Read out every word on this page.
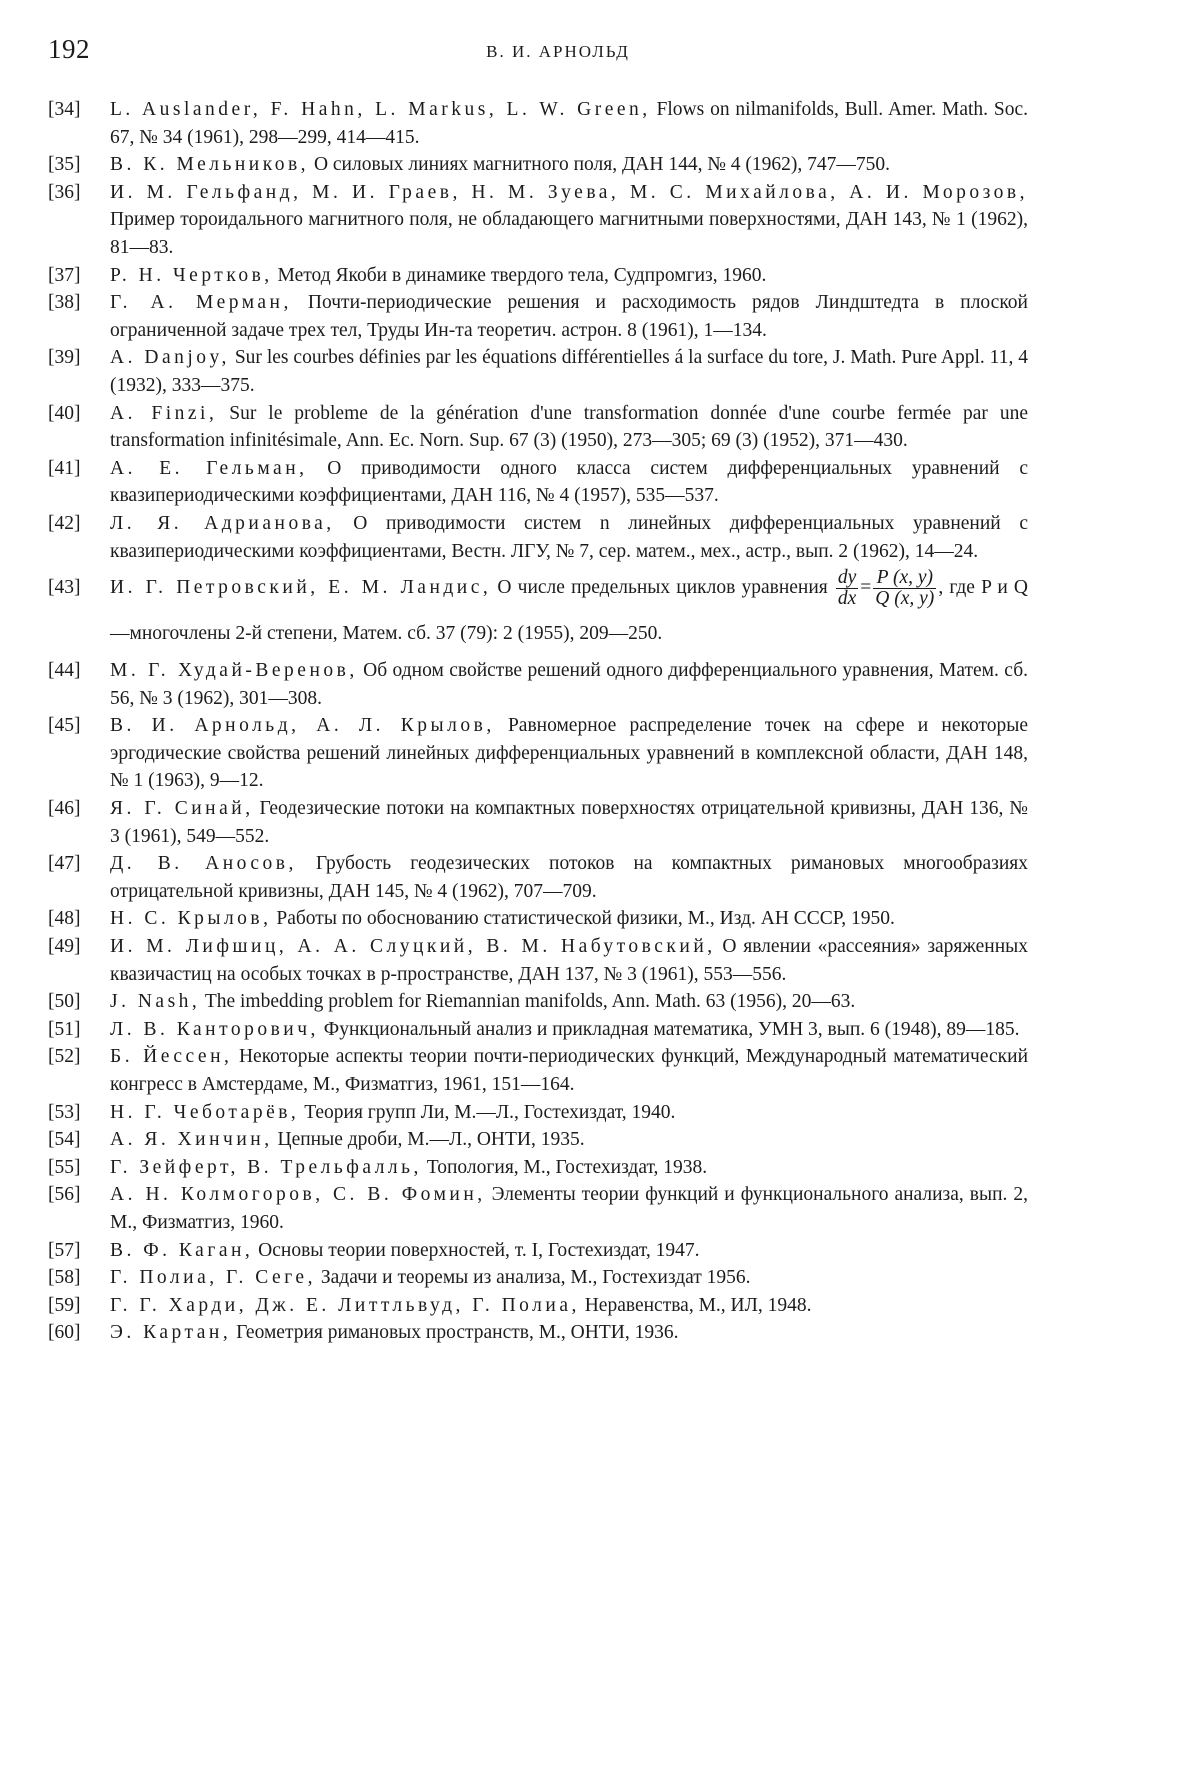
192	В. И. АРНОЛЬД
[34]	L. Auslander, F. Hahn, L. Markus, L. W. Green, Flows on nilmanifolds, Bull. Amer. Math. Soc. 67, № 34 (1961), 298—299, 414—415.
[35]	В. К. Мельников, О силовых линиях магнитного поля, ДАН 144, № 4 (1962), 747—750.
[36]	И. М. Гельфанд, М. И. Граев, Н. М. Зуева, М. С. Михайлова, А. И. Морозов, Пример тороидального магнитного поля, не обладающего магнитными поверхностями, ДАН 143, № 1 (1962), 81—83.
[37]	Р. Н. Чертков, Метод Якоби в динамике твердого тела, Судпромгиз, 1960.
[38]	Г. А. Мерман, Почти-периодические решения и расходимость рядов Линдштедта в плоской ограниченной задаче трех тел, Труды Ин-та теоретич. астрон. 8 (1961), 1—134.
[39]	A. Danjoy, Sur les courbes définies par les équations différentielles á la surface du tore, J. Math. Pure Appl. 11, 4 (1932), 333—375.
[40]	A. Finzi, Sur le probleme de la génération d'une transformation donnée d'une courbe fermée par une transformation infinitésimale, Ann. Ec. Norn. Sup. 67 (3) (1950), 273—305; 69 (3) (1952), 371—430.
[41]	А. Е. Гельман, О приводимости одного класса систем дифференциальных уравнений с квазипериодическими коэффициентами, ДАН 116, № 4 (1957), 535—537.
[42]	Л. Я. Адрианова, О приводимости систем n линейных дифференциальных уравнений с квазипериодическими коэффициентами, Вестн. ЛГУ, № 7, сер. матем., мех., астр., вып. 2 (1962), 14—24.
[43]	И. Г. Петровский, Е. М. Ландис, О числе предельных циклов уравнения $\frac{dy}{dx} = \frac{P (x, y)}{Q (x, y)}$ , где P и Q—многочлены 2-й степени, Матем. сб. 37 (79): 2 (1955), 209—250.
[44]	М. Г. Худай-Веренов, Об одном свойстве решений одного дифференциального уравнения, Матем. сб. 56, № 3 (1962), 301—308.
[45]	В. И. Арнольд, А. Л. Крылов, Равномерное распределение точек на сфере и некоторые эргодические свойства решений линейных дифференциальных уравнений в комплексной области, ДАН 148, № 1 (1963), 9—12.
[46]	Я. Г. Синай, Геодезические потоки на компактных поверхностях отрицательной кривизны, ДАН 136, № 3 (1961), 549—552.
[47]	Д. В. Аносов, Грубость геодезических потоков на компактных римановых многообразиях отрицательной кривизны, ДАН 145, № 4 (1962), 707—709.
[48]	Н. С. Крылов, Работы по обоснованию статистической физики, М., Изд. АН СССР, 1950.
[49]	И. М. Лифшиц, А. А. Слуцкий, В. М. Набутовский, О явлении «рассеяния» заряженных квазичастиц на особых точках в p-пространстве, ДАН 137, № 3 (1961), 553—556.
[50]	J. Nash, The imbedding problem for Riemannian manifolds, Ann. Math. 63 (1956), 20—63.
[51]	Л. В. Канторович, Функциональный анализ и прикладная математика, УМН 3, вып. 6 (1948), 89—185.
[52]	Б. Йессен, Некоторые аспекты теории почти-периодических функций, Международный математический конгресс в Амстердаме, М., Физматгиз, 1961, 151—164.
[53]	Н. Г. Чеботарёв, Теория групп Ли, М.—Л., Гостехиздат, 1940.
[54]	А. Я. Хинчин, Цепные дроби, М.—Л., ОНТИ, 1935.
[55]	Г. Зейферт, В. Трельфалль, Топология, М., Гостехиздат, 1938.
[56]	А. Н. Колмогоров, С. В. Фомин, Элементы теории функций и функционального анализа, вып. 2, М., Физматгиз, 1960.
[57]	В. Ф. Каган, Основы теории поверхностей, т. I, Гостехиздат, 1947.
[58]	Г. Полиа, Г. Сеге, Задачи и теоремы из анализа, М., Гостехиздат 1956.
[59]	Г. Г. Харди, Дж. Е. Литтльвуд, Г. Полиа, Неравенства, М., ИЛ, 1948.
[60]	Э. Картан, Геометрия римановых пространств, М., ОНТИ, 1936.
